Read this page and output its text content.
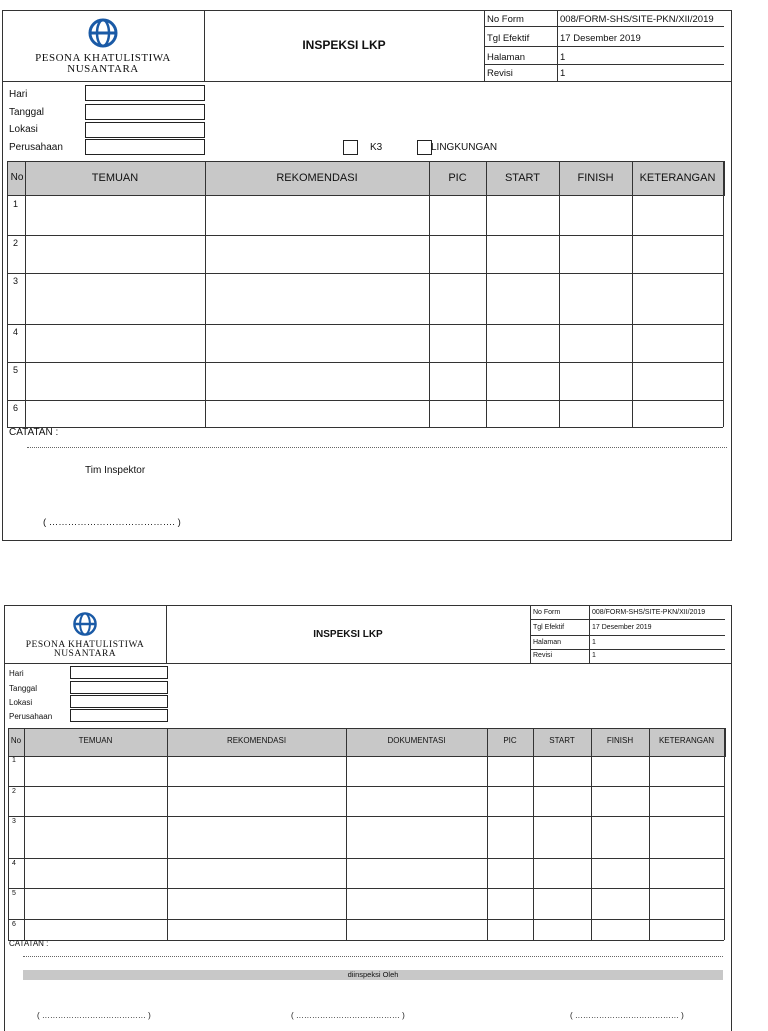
PESONA KHATULISTIWA
NUSANTARA
INSPEKSI LKP
No Form	008/FORM-SHS/SITE-PKN/XII/2019
Tgl Efektif	17 Desember 2019
Halaman	1
Revisi	1
Hari
Tanggal
Lokasi
Perusahaan	K3	LINGKUNGAN
No	TEMUAN	REKOMENDASI	PIC	START	FINISH	KETERANGAN
1
2
3
4
5
6
CATATAN :
Tim Inspektor
( …………………………………. )
PESONA KHATULISTIWA
NUSANTARA
INSPEKSI LKP
No Form	008/FORM-SHS/SITE-PKN/XII/2019
Tgl Efektif	17 Desember 2019
Halaman	1
Revisi	1
Hari
Tanggal
Lokasi
Perusahaan
No	TEMUAN	REKOMENDASI	DOKUMENTASI	PIC	START	FINISH	KETERANGAN
1
2
3
4
5
6
CATATAN :
diinspeksi Oleh
( ………………………………… )	( ………………………………… )	( ………………………………… )
